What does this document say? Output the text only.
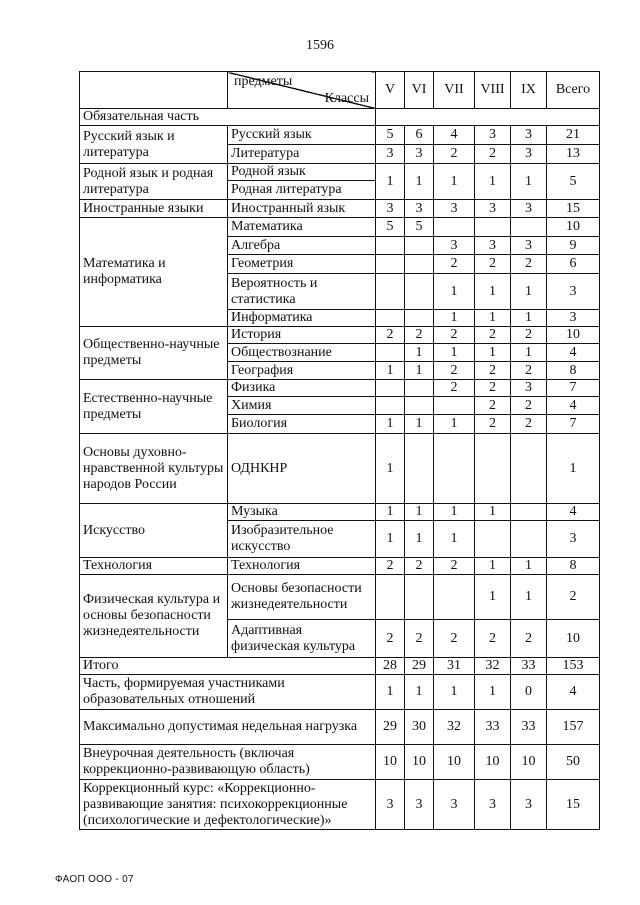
1596

	предметы
Классы	V	VI	VII	VIII	IX	Всего
Обязательная часть							
Русский язык и литература	Русский язык	5	6	4	3	3	21
	Литература	3	3	2	2	3	13
Родной язык и родная литература	Родной язык	1	1	1	1	1	5
	Родная литература						
Иностранные языки	Иностранный язык	3	3	3	3	3	15
Математика и информатика	Математика	5	5				10
	Алгебра			3	3	3	9
	Геометрия			2	2	2	6
	Вероятность и статистика			1	1	1	3
	Информатика			1	1	1	3
Общественно-научные предметы	История	2	2	2	2	2	10
	Обществознание		1	1	1	1	4
	География	1	1	2	2	2	8
Естественно-научные предметы	Физика			2	2	3	7
	Химия				2	2	4
	Биология	1	1	1	2	2	7
Основы духовно-нравственной культуры народов России	ОДНКНР	1					1
Искусство	Музыка	1	1	1	1		4
	Изобразительное искусство	1	1	1			3
Технология	Технология	2	2	2	1	1	8
Физическая культура и основы безопасности жизнедеятельности	Основы безопасности жизнедеятельности				1	1	2
	Адаптивная физическая культура	2	2	2	2	2	10
Итого		28	29	31	32	33	153
Часть, формируемая участниками образовательных отношений		1	1	1	1	0	4
Максимально допустимая недельная нагрузка		29	30	32	33	33	157
Внеурочная деятельность (включая коррекционно-развивающую область)		10	10	10	10	10	50
Коррекционный курс: «Коррекционно-развивающие занятия: психокоррекционные (психологические и дефектологические)»		3	3	3	3	3	15
ФАОП ООО - 07
